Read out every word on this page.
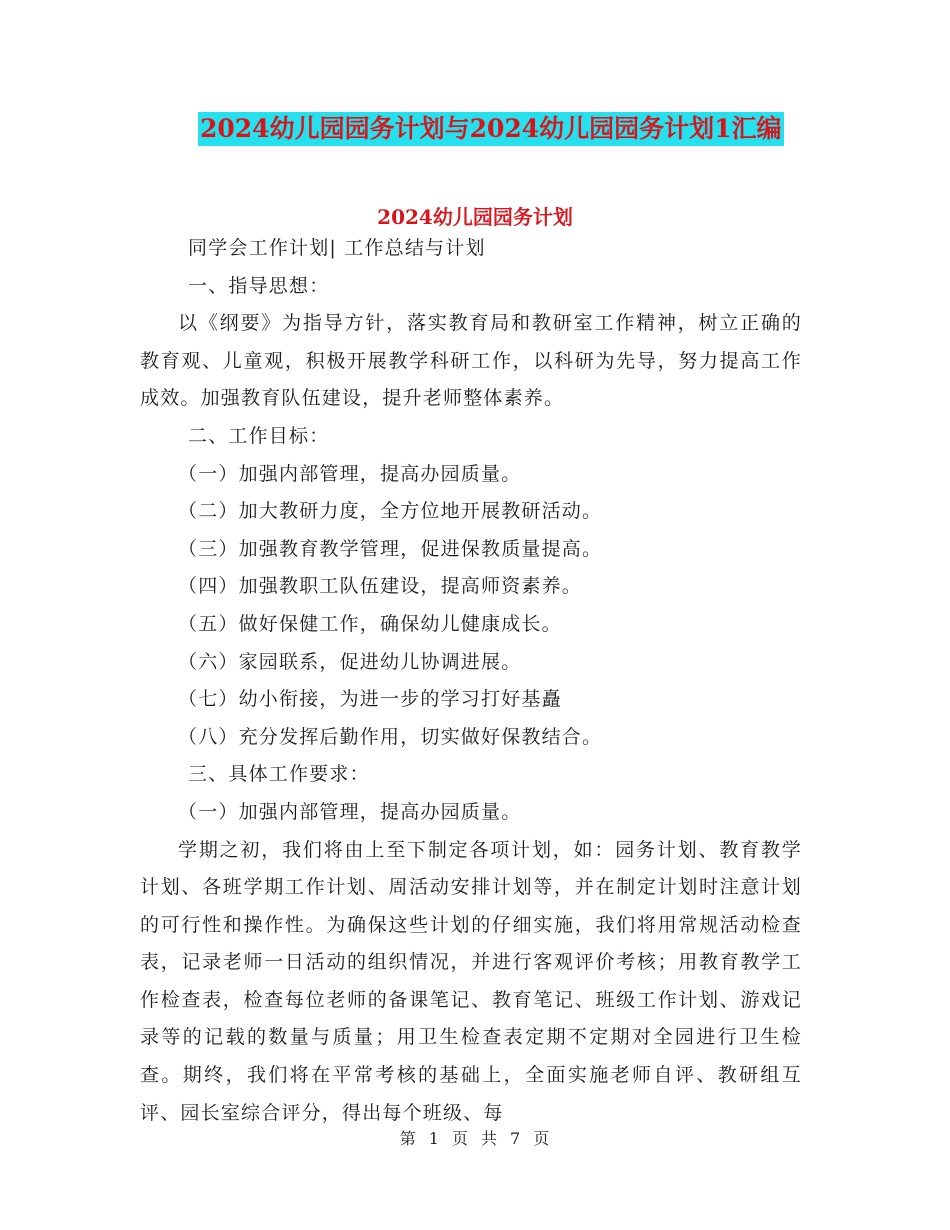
2024幼儿园园务计划与2024幼儿园园务计划1汇编
2024幼儿园园务计划

同学会工作计划| 工作总结与计划

一、指导思想：

以《纲要》为指导方针，落实教育局和教研室工作精神，树立正确的教育观、儿童观，积极开展教学科研工作，以科研为先导，努力提高工作成效。加强教育队伍建设，提升老师整体素养。

二、工作目标：

（一）加强内部管理，提高办园质量。

（二）加大教研力度，全方位地开展教研活动。

（三）加强教育教学管理，促进保教质量提高。

（四）加强教职工队伍建设，提高师资素养。

（五）做好保健工作，确保幼儿健康成长。

（六）家园联系，促进幼儿协调进展。

（七）幼小衔接，为进一步的学习打好基矗

（八）充分发挥后勤作用，切实做好保教结合。

三、具体工作要求：

（一）加强内部管理，提高办园质量。

学期之初，我们将由上至下制定各项计划，如：园务计划、教育教学计划、各班学期工作计划、周活动安排计划等，并在制定计划时注意计划的可行性和操作性。为确保这些计划的仔细实施，我们将用常规活动检查表，记录老师一日活动的组织情况，并进行客观评价考核；用教育教学工作检查表，检查每位老师的备课笔记、教育笔记、班级工作计划、游戏记录等的记载的数量与质量；用卫生检查表定期不定期对全园进行卫生检查。期终，我们将在平常考核的基础上，全面实施老师自评、教研组互评、园长室综合评分，得出每个班级、每

第 1 页 共 7 页
